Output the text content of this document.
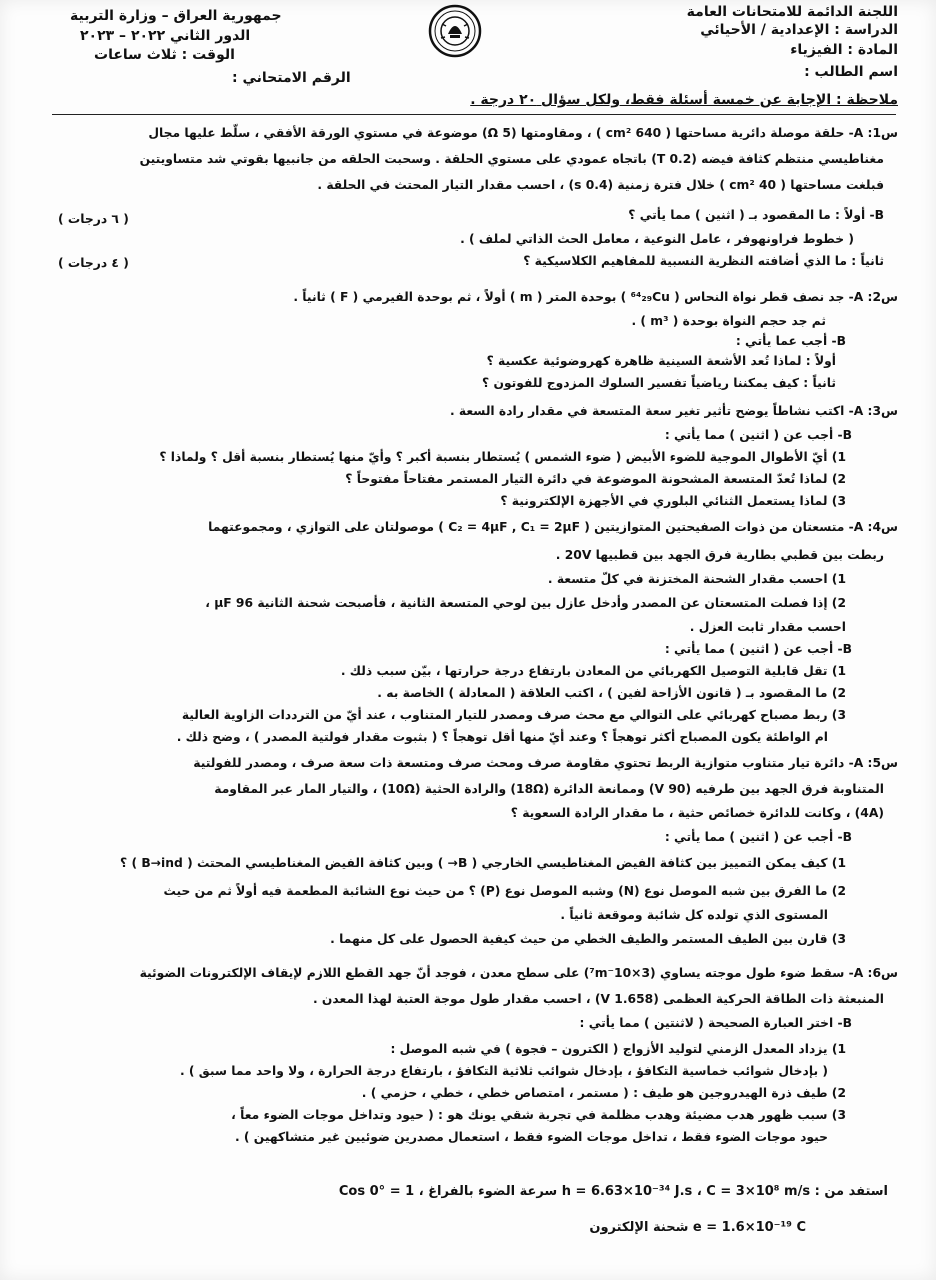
اللجنة الدائمة للامتحانات العامة
الدراسة : الإعدادية / الأحيائي
المادة : الفيزياء
اسم الطالب :
جمهورية العراق – وزارة التربية
الدور الثاني ٢٠٢٢ – ٢٠٢٣
الوقت : ثلاث ساعات
الرقم الامتحاني :
ملاحظة : الإجابة عن خمسة أسئلة فقط، ولكل سؤال ٢٠ درجة .
س1: A- حلقة موصلة دائرية مساحتها ( 640 cm² ) ، ومقاومتها (5 Ω) موضوعة في مستوي الورقة الأفقي ، سلّط عليها مجال
مغناطيسي منتظم كثافة فيضه (0.2 T) باتجاه عمودي على مستوي الحلقة . وسحبت الحلقه من جانبيها بقوتي شد متساويتين
فبلغت مساحتها ( 40 cm² ) خلال فترة زمنية (0.4 s) ، احسب مقدار التيار المحتث في الحلقة .
B- أولاً : ما المقصود بـ ( اثنين ) مما يأتي ؟
( ٦ درجات )
( خطوط فراونهوفر ، عامل النوعية ، معامل الحث الذاتي لملف ) .
ثانياً : ما الذي أضافته النظرية النسبية للمفاهيم الكلاسيكية ؟
( ٤ درجات )
س2: A- جد نصف قطر نواة النحاس ( ⁶⁴₂₉Cu ) بوحدة المتر ( m ) أولاً ، ثم بوحدة الفيرمي ( F ) ثانياً .
ثم جد حجم النواة بوحدة ( m³ ) .
B- أجب عما يأتي :
أولاً : لماذا تُعد الأشعة السينية ظاهرة كهروضوئية عكسية ؟
ثانياً : كيف يمكننا رياضياً تفسير السلوك المزدوج للفوتون ؟
س3: A- اكتب نشاطاً يوضح تأثير تغير سعة المتسعة في مقدار رادة السعة .
B- أجب عن ( اثنين ) مما يأتي :
1) أيّ الأطوال الموجية للضوء الأبيض ( ضوء الشمس ) يُستطار بنسبة أكبر ؟ وأيّ منها يُستطار بنسبة أقل ؟ ولماذا ؟
2) لماذا تُعدّ المتسعة المشحونة الموضوعة في دائرة التيار المستمر مفتاحاً مفتوحاً ؟
3) لماذا يستعمل الثنائي البلوري في الأجهزة الإلكترونية ؟
س4: A- متسعتان من ذوات الصفيحتين المتوازيتين ( C₂ = 4μF , C₁ = 2μF ) موصولتان على التوازي ، ومجموعتهما
ربطت بين قطبي بطارية فرق الجهد بين قطبيها 20V .
1) احسب مقدار الشحنة المختزنة في كلّ متسعة .
2) إذا فصلت المتسعتان عن المصدر وأدخل عازل بين لوحي المتسعة الثانية ، فأصبحت شحنة الثانية 96 μF ،
احسب مقدار ثابت العزل .
B- أجب عن ( اثنين ) مما يأتي :
1) تقل قابلية التوصيل الكهربائي من المعادن بارتفاع درجة حرارتها ، بيّن سبب ذلك .
2) ما المقصود بـ ( قانون الأزاحة لفين ) ، اكتب العلاقة ( المعادلة ) الخاصة به .
3) ربط مصباح كهربائي على التوالي مع محث صرف ومصدر للتيار المتناوب ، عند أيّ من الترددات الزاوية العالية
ام الواطئة يكون المصباح أكثر توهجاً ؟ وعند أيّ منها أقل توهجاً ؟ ( بثبوت مقدار فولتية المصدر ) ، وضح ذلك .
س5: A- دائرة تيار متناوب متوازية الربط تحتوي مقاومة صرف ومحث صرف ومتسعة ذات سعة صرف ، ومصدر للفولتية
المتناوبة فرق الجهد بين طرفيه (90 V) وممانعة الدائرة (18Ω) والرادة الحثية (10Ω) ، والتيار المار عبر المقاومة
(4A) ، وكانت للدائرة خصائص حثية ، ما مقدار الرادة السعوية ؟
B- أجب عن ( اثنين ) مما يأتي :
1) كيف يمكن التمييز بين كثافة الفيض المغناطيسي الخارجي ( B→ ) وبين كثافة الفيض المغناطيسي المحتث ( B→ind ) ؟
2) ما الفرق بين شبه الموصل نوع (N) وشبه الموصل نوع (P) ؟ من حيث نوع الشائبة المطعمة فيه أولاً ثم من حيث
المستوى الذي تولده كل شائبة وموقعة ثانياً .
3) قارن بين الطيف المستمر والطيف الخطي من حيث كيفية الحصول على كل منهما .
س6: A- سقط ضوء طول موجته يساوي (3×10⁻⁷m) على سطح معدن ، فوجد أنّ جهد القطع اللازم لإيقاف الإلكترونات الضوئية
المنبعثة ذات الطاقة الحركية العظمى (1.658 V) ، احسب مقدار طول موجة العتبة لهذا المعدن .
B- اختر العبارة الصحيحة ( لاثنتين ) مما يأتي :
1) يزداد المعدل الزمني لتوليد الأزواج ( الكترون – فجوة ) في شبه الموصل :
( بإدخال شوائب خماسية التكافؤ ، بإدخال شوائب ثلاثية التكافؤ ، بارتفاع درجة الحرارة ، ولا واحد مما سبق ) .
2) طيف ذرة الهيدروجين هو طيف : ( مستمر ، امتصاص خطي ، خطي ، حزمي ) .
3) سبب ظهور هدب مضيئة وهدب مظلمة في تجربة شقي يونك هو : ( حيود وتداخل موجات الضوء معاً ،
حيود موجات الضوء فقط ، تداخل موجات الضوء فقط ، استعمال مصدرين ضوئيين غير متشاكهين ) .
استفد من : h = 6.63×10⁻³⁴ J.s ، C = 3×10⁸ m/s سرعة الضوء بالفراغ ، Cos 0° = 1
e = 1.6×10⁻¹⁹ C شحنة الإلكترون
